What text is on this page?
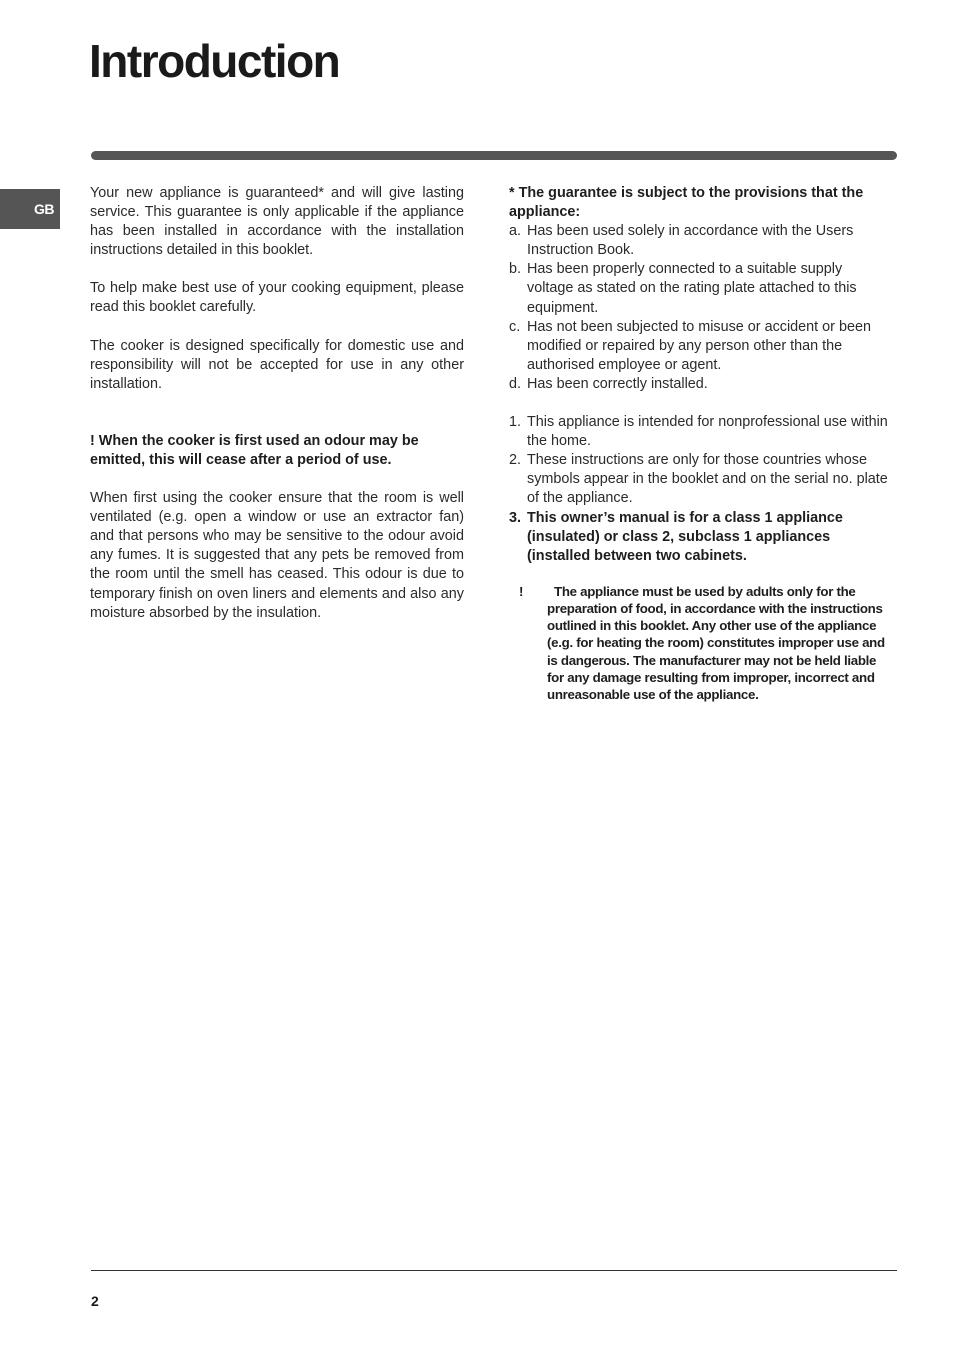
Introduction
GB

Your new appliance is guaranteed* and will give lasting service. This guarantee is only applicable if the appliance has been installed in accordance with the installation instructions detailed in this booklet.

To help make best use of your cooking equipment, please read this booklet carefully.

The cooker is designed specifically for domestic use and responsibility will not be accepted for use in any other installation.

! When the cooker is first used an odour may be emitted, this will cease after a period of use.

When first using the cooker ensure that the room is well ventilated (e.g. open a window or use an extractor fan) and that persons who may be sensitive to the odour avoid any fumes. It is suggested that any pets be removed from the room until the smell has ceased. This odour is due to temporary finish on oven liners and elements and also any moisture absorbed by the insulation.

* The guarantee is subject to the provisions that the appliance:

a. Has been used solely in accordance with the Users Instruction Book.
b. Has been properly connected to a suitable supply voltage as stated on the rating plate attached to this equipment.
c. Has not been subjected to misuse or accident or been modified or repaired by any person other than the authorised employee or agent.
d. Has been correctly installed.
1. This appliance is intended for nonprofessional use within the home.
2. These instructions are only for those countries whose symbols appear in the booklet and on the serial no. plate of the appliance.
3. This owner’s manual is for a class 1 appliance (insulated) or class 2, subclass 1 appliances (installed between two cabinets.
!	The appliance must be used by adults only for the
preparation of food, in accordance with the instructions outlined in this booklet. Any other use of the appliance (e.g. for heating the room) constitutes improper use and is dangerous. The manufacturer may not be held liable for any damage resulting from improper, incorrect and unreasonable use of the appliance.
2
